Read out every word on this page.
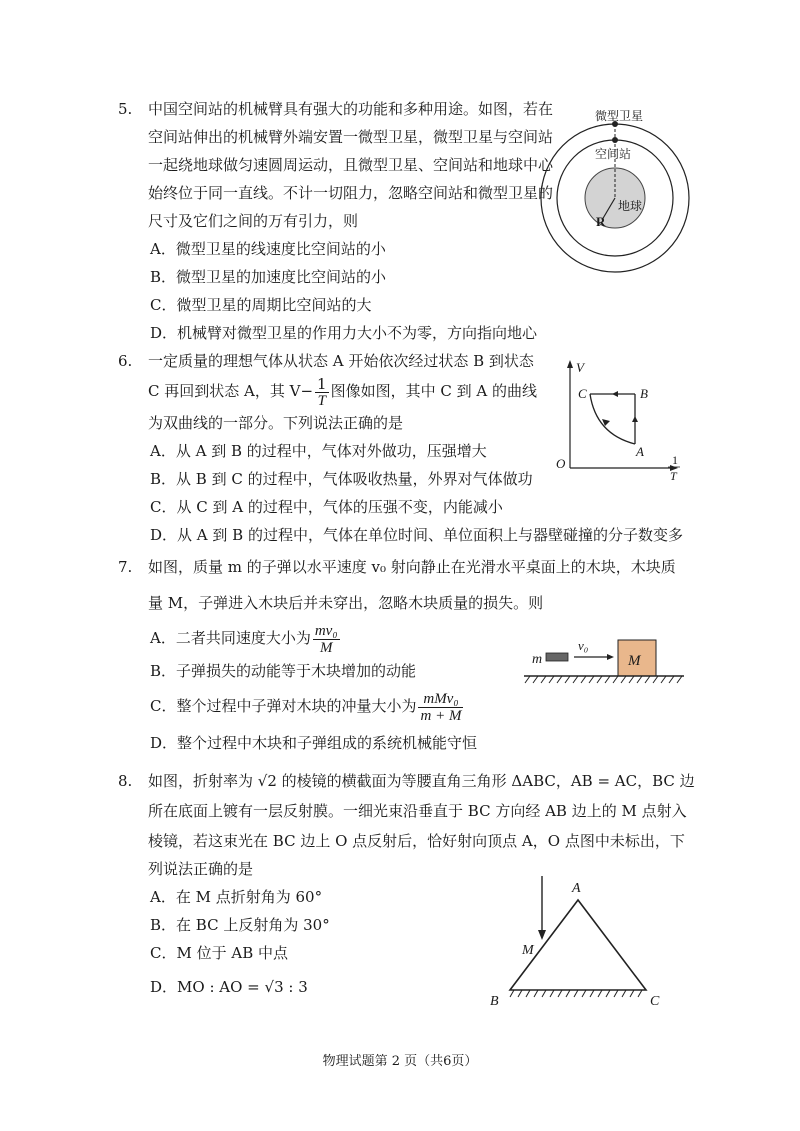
5. 中国空间站的机械臂具有强大的功能和多种用途。如图，若在
空间站伸出的机械臂外端安置一微型卫星，微型卫星与空间站
一起绕地球做匀速圆周运动，且微型卫星、空间站和地球中心
始终位于同一直线。不计一切阻力，忽略空间站和微型卫星的
尺寸及它们之间的万有引力，则
A．微型卫星的线速度比空间站的小
B．微型卫星的加速度比空间站的小
C．微型卫星的周期比空间站的大
D．机械臂对微型卫星的作用力大小不为零，方向指向地心
微型卫星
空间站
地球
R
6. 一定质量的理想气体从状态 A 开始依次经过状态 B 到状态
C 再回到状态 A，其 $V- \frac{1}{T}$ 图像如图，其中 C 到 A 的曲线
为双曲线的一部分。下列说法正确的是
A．从 A 到 B 的过程中，气体对外做功，压强增大
B．从 B 到 C 的过程中，气体吸收热量，外界对气体做功
C．从 C 到 A 的过程中，气体的压强不变，内能减小
D．从 A 到 B 的过程中，气体在单位时间、单位面积上与器壁碰撞的分子数变多
V
O
C	B
A
1
T
7. 如图，质量 m 的子弹以水平速度 v₀ 射向静止在光滑水平桌面上的木块，木块质
量 M，子弹进入木块后并未穿出，忽略木块质量的损失。则
A．二者共同速度大小为 $\frac{\text{mv₀}}{M}$
B．子弹损失的动能等于木块增加的动能
C．整个过程中子弹对木块的冲量大小为 $\frac{\text{mMv₀}}{m + M}$
D．整个过程中木块和子弹组成的系统机械能守恒
m
v₀
M
8. 如图，折射率为 √2 的棱镜的横截面为等腰直角三角形 ΔABC，AB = AC，BC 边
所在底面上镀有一层反射膜。一细光束沿垂直于 BC 方向经 AB 边上的 M 点射入
棱镜，若这束光在 BC 边上 O 点反射后，恰好射向顶点 A，O 点图中未标出，下
列说法正确的是
A．在 M 点折射角为 60°
B．在 BC 上反射角为 30°
C．M 位于 AB 中点
D．MO : AO = √3 : 3
A
B	C
M
物理试题第 2 页（共6页）
